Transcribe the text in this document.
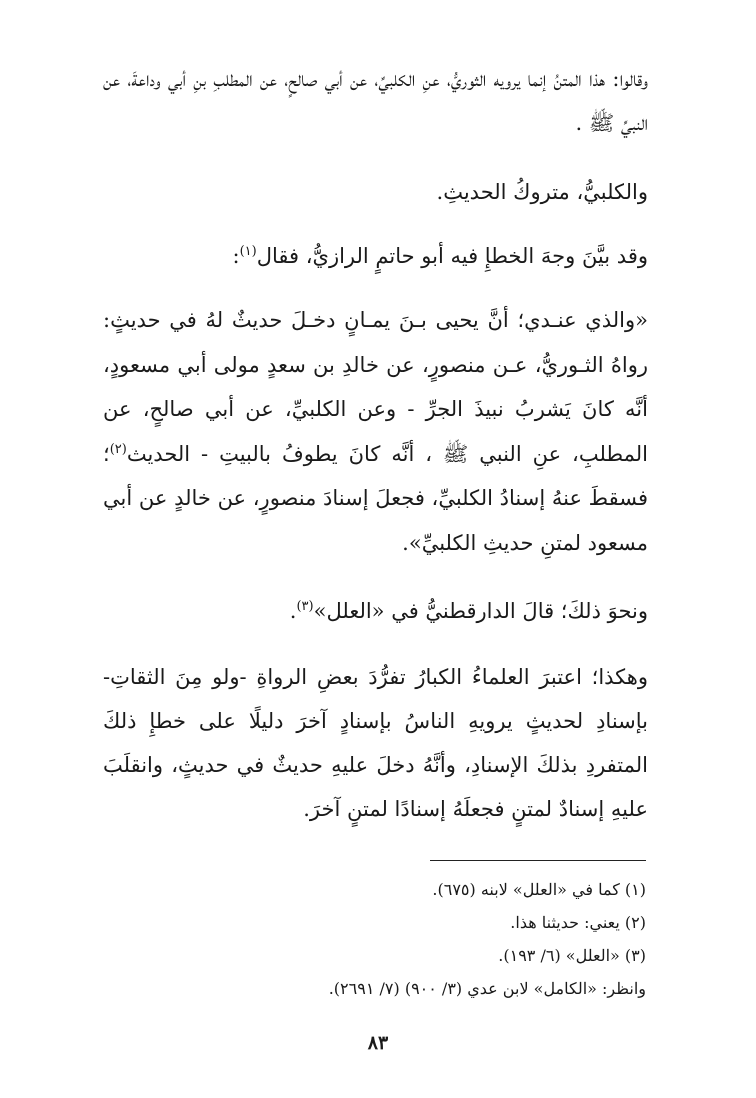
وقالوا: هذا المتنُ إنما يرويه الثوريُّ، عنِ الكلبيِّ، عن أبي صالحٍ، عن المطلبِ بنِ أبي وداعةَ، عن النبيِّ ﷺ .

والكلبيُّ، متروكُ الحديثِ.

وقد بيَّنَ وجهَ الخطإِ فيه أبو حاتمٍ الرازيُّ، فقال$^{(١)}$:

«والذي عنـدي؛ أنَّ يحيى بـنَ يمـانٍ دخـلَ حديثٌ لهُ في حديثٍ: رواهُ الثـوريُّ، عـن منصورٍ، عن خالدِ بن سعدٍ مولى أبي مسعودٍ، أنَّه كانَ يَشربُ نبيذَ الجرِّ - وعن الكلبيِّ، عن أبي صالحٍ، عن المطلبِ، عنِ النبي ﷺ ، أنَّه كانَ يطوفُ بالبيتِ - الحديث$^{(٢)}$؛ فسقطَ عنهُ إسنادُ الكلبيِّ، فجعلَ إسنادَ منصورٍ، عن خالدٍ عن أبي مسعود لمتنِ حديثِ الكلبيِّ».

ونحوَ ذلكَ؛ قالَ الدارقطنيُّ في «العلل»$^{(٣)}$.

وهكذا؛ اعتبرَ العلماءُ الكبارُ تفرُّدَ بعضِ الرواةِ -ولو مِنَ الثقاتِ- بإسنادِ لحديثٍ يرويهِ الناسُ بإسنادٍ آخرَ دليلًا على خطإِ ذلكَ المتفردِ بذلكَ الإسنادِ، وأنَّهُ دخلَ عليهِ حديثٌ في حديثٍ، وانقلَبَ عليهِ إسنادٌ لمتنٍ فجعلَهُ إسنادًا لمتنٍ آخرَ.

(١) كما في «العلل» لابنه (٦٧٥).
(٢) يعني: حديثنا هذا.
(٣) «العلل» (٦/ ١٩٣).
وانظر: «الكامل» لابن عدي (٣/ ٩٠٠) (٧/ ٢٦٩١).
٨٣
